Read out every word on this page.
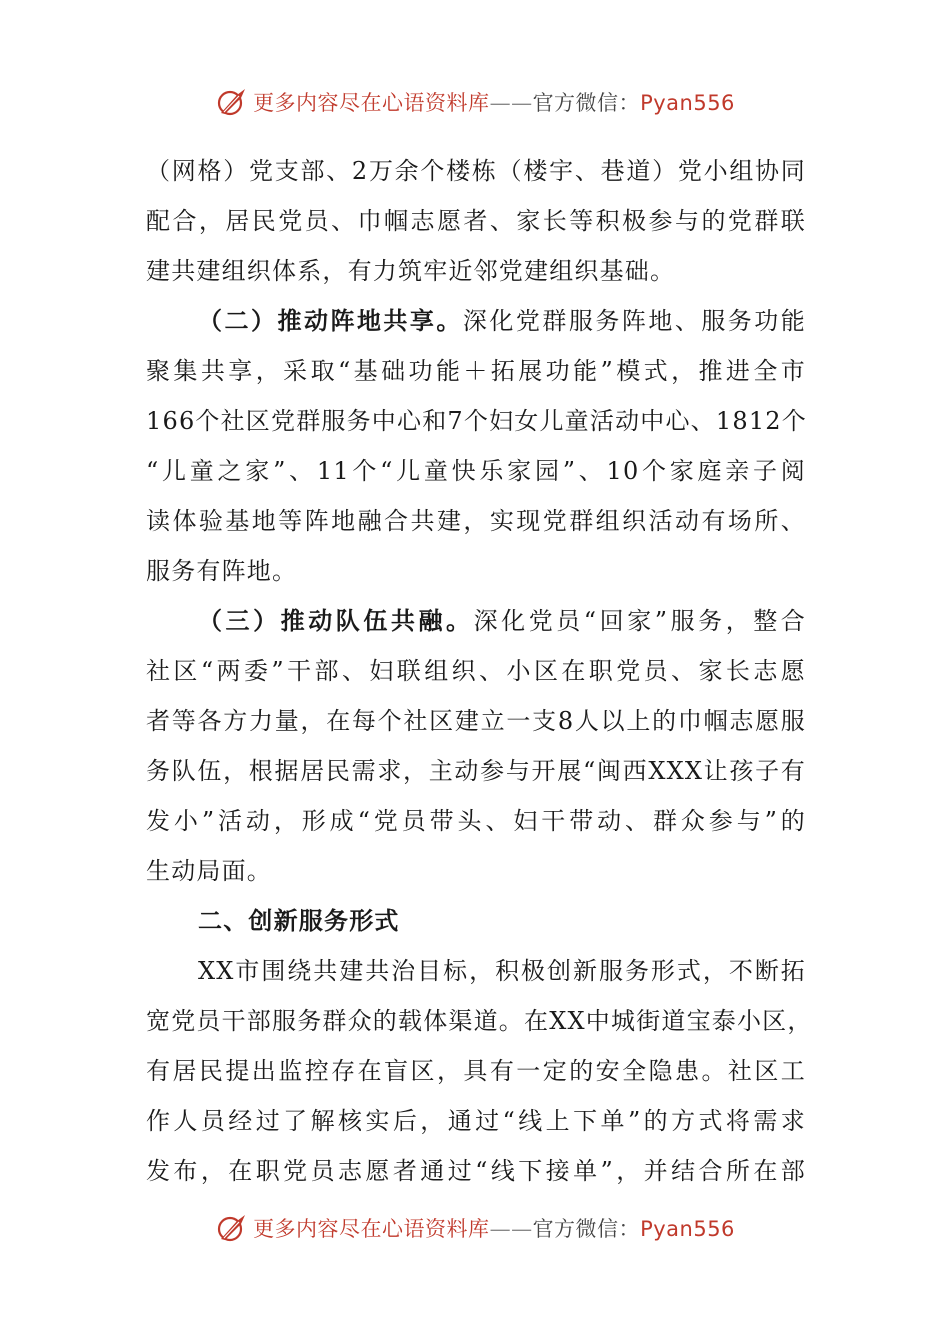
更多内容尽在心语资料库——官方微信：Pyan556
（网格）党支部、2万余个楼栋（楼宇、巷道）党小组协同
配合，居民党员、巾帼志愿者、家长等积极参与的党群联
建共建组织体系，有力筑牢近邻党建组织基础。
（二）推动阵地共享。深化党群服务阵地、服务功能
聚集共享，采取“基础功能＋拓展功能”模式，推进全市
166个社区党群服务中心和7个妇女儿童活动中心、1812个
“儿童之家”、11个“儿童快乐家园”、10个家庭亲子阅
读体验基地等阵地融合共建，实现党群组织活动有场所、
服务有阵地。
（三）推动队伍共融。深化党员“回家”服务，整合
社区“两委”干部、妇联组织、小区在职党员、家长志愿
者等各方力量，在每个社区建立一支8人以上的巾帼志愿服
务队伍，根据居民需求，主动参与开展“闽西XXX让孩子有
发小”活动，形成“党员带头、妇干带动、群众参与”的
生动局面。
二、创新服务形式
XX市围绕共建共治目标，积极创新服务形式，不断拓
宽党员干部服务群众的载体渠道。在XX中城街道宝泰小区，
有居民提出监控存在盲区，具有一定的安全隐患。社区工
作人员经过了解核实后，通过“线上下单”的方式将需求
发布，在职党员志愿者通过“线下接单”，并结合所在部
更多内容尽在心语资料库——官方微信：Pyan556
